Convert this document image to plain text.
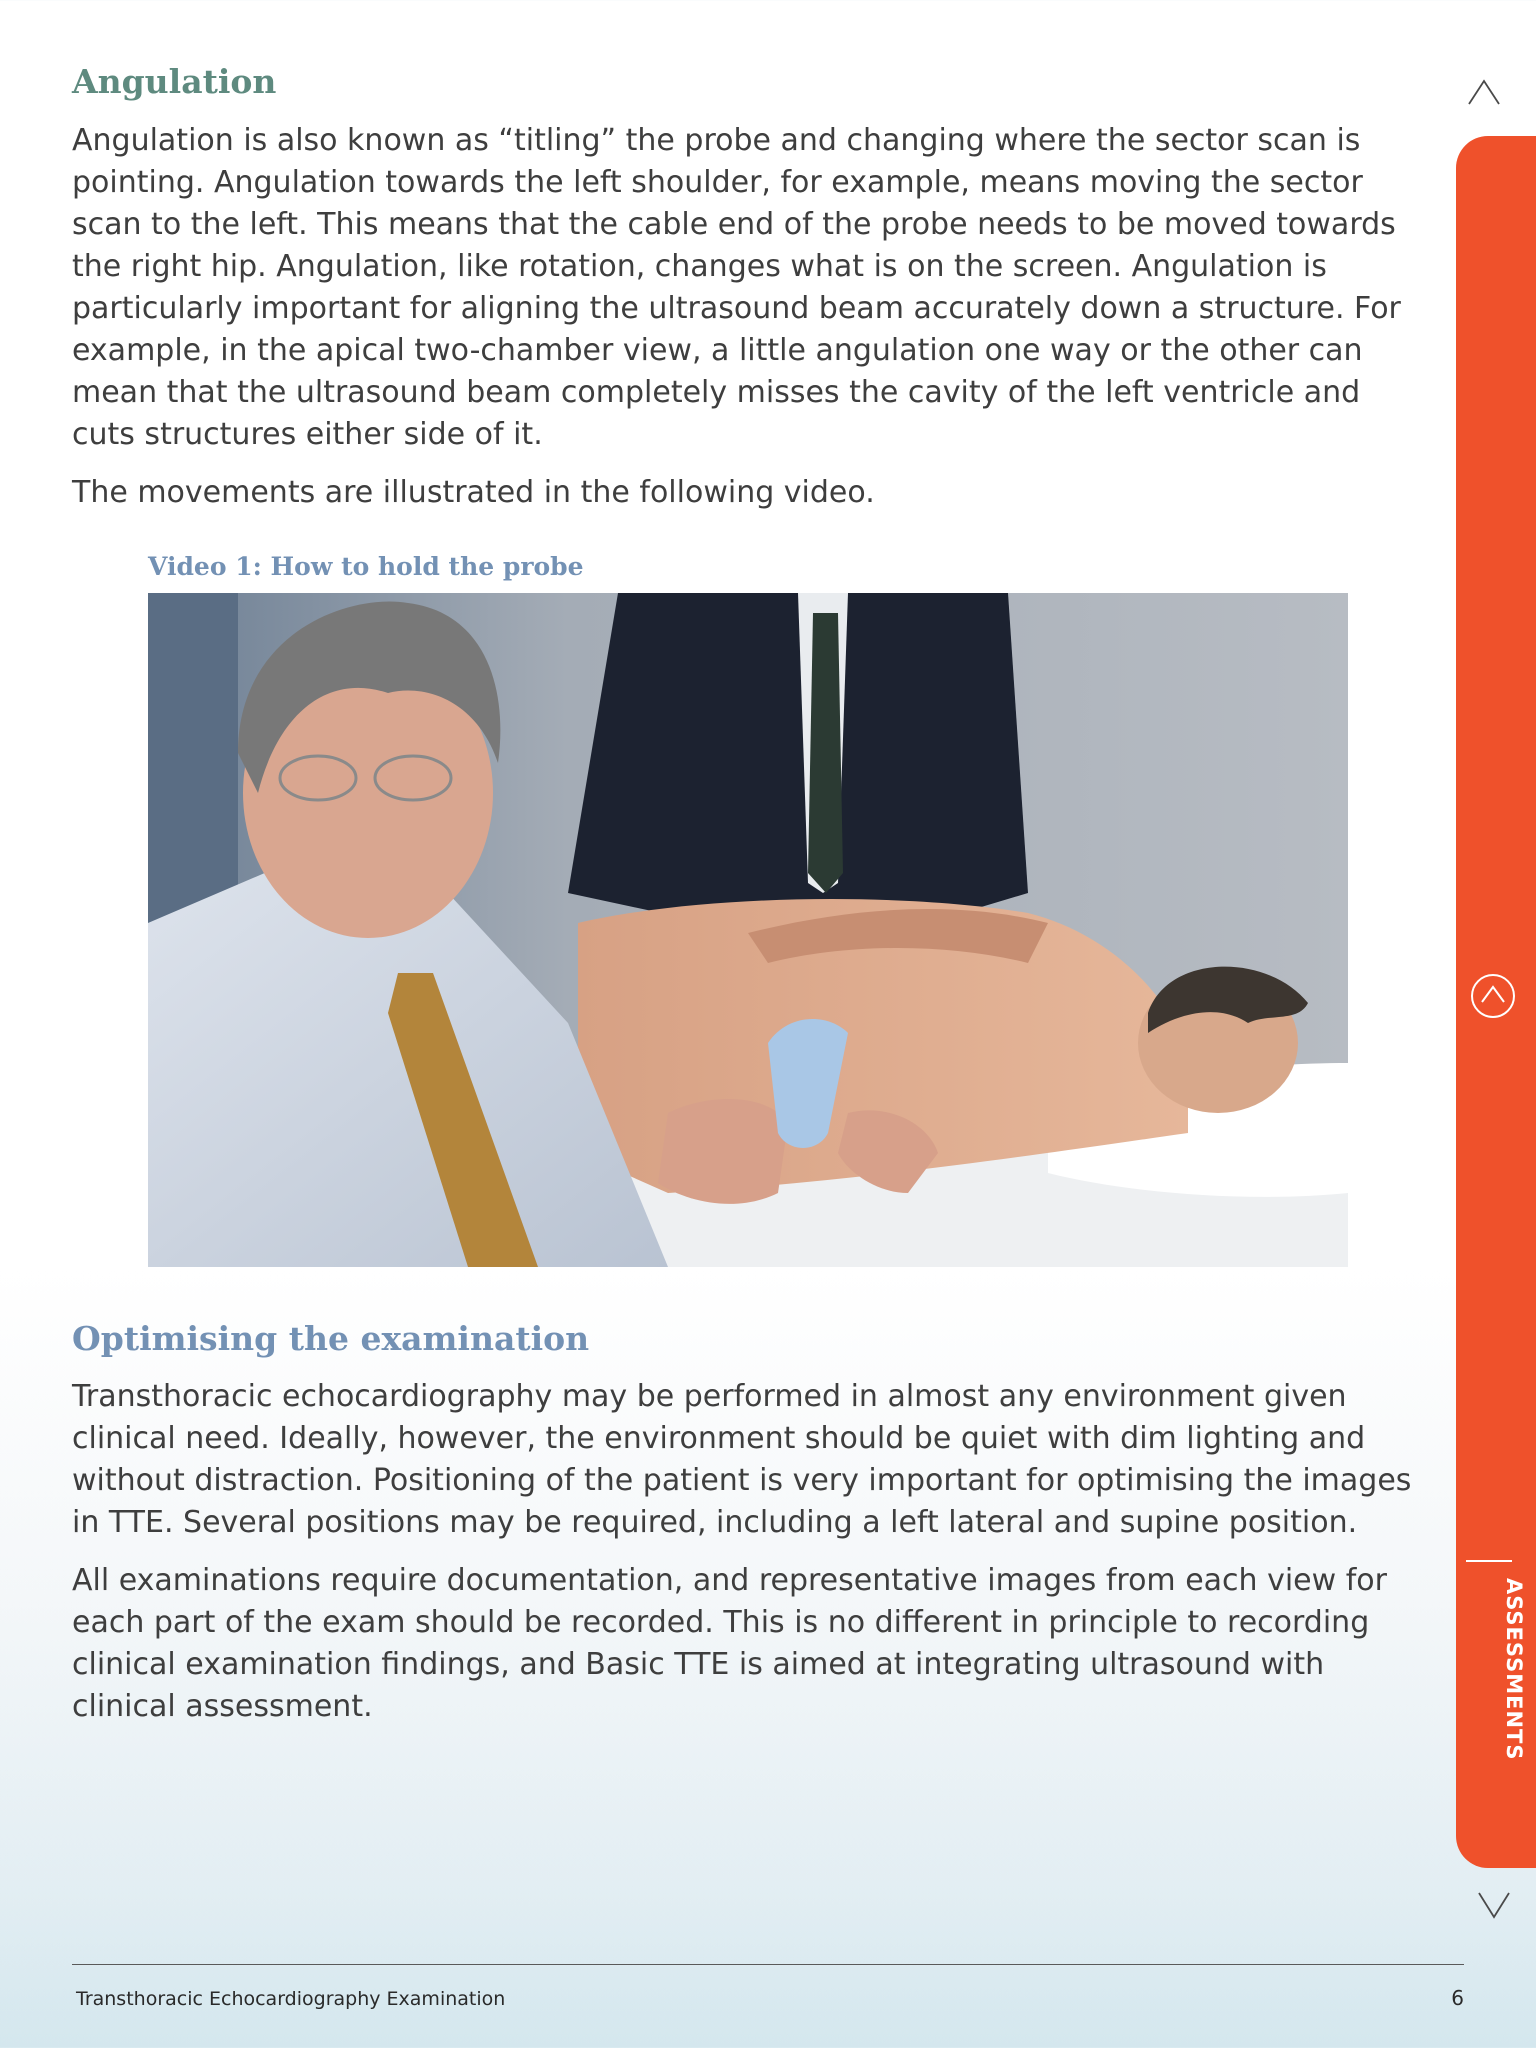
Angulation

Angulation is also known as “titling” the probe and changing where the sector scan is pointing. Angulation towards the left shoulder, for example, means moving the sector scan to the left. This means that the cable end of the probe needs to be moved towards the right hip. Angulation, like rotation, changes what is on the screen. Angulation is particularly important for aligning the ultrasound beam accurately down a structure. For example, in the apical two-chamber view, a little angulation one way or the other can mean that the ultrasound beam completely misses the cavity of the left ventricle and cuts structures either side of it.

The movements are illustrated in the following video.

Video 1: How to hold the probe
Optimising the examination

Transthoracic echocardiography may be performed in almost any environment given clinical need. Ideally, however, the environment should be quiet with dim lighting and without distraction. Positioning of the patient is very important for optimising the images in TTE. Several positions may be required, including a left lateral and supine position.

All examinations require documentation, and representative images from each view for each part of the exam should be recorded. This is no different in principle to recording clinical examination findings, and Basic TTE is aimed at integrating ultrasound with clinical assessment.	ASSESSMENTS
Transthoracic Echocardiography Examination	6
